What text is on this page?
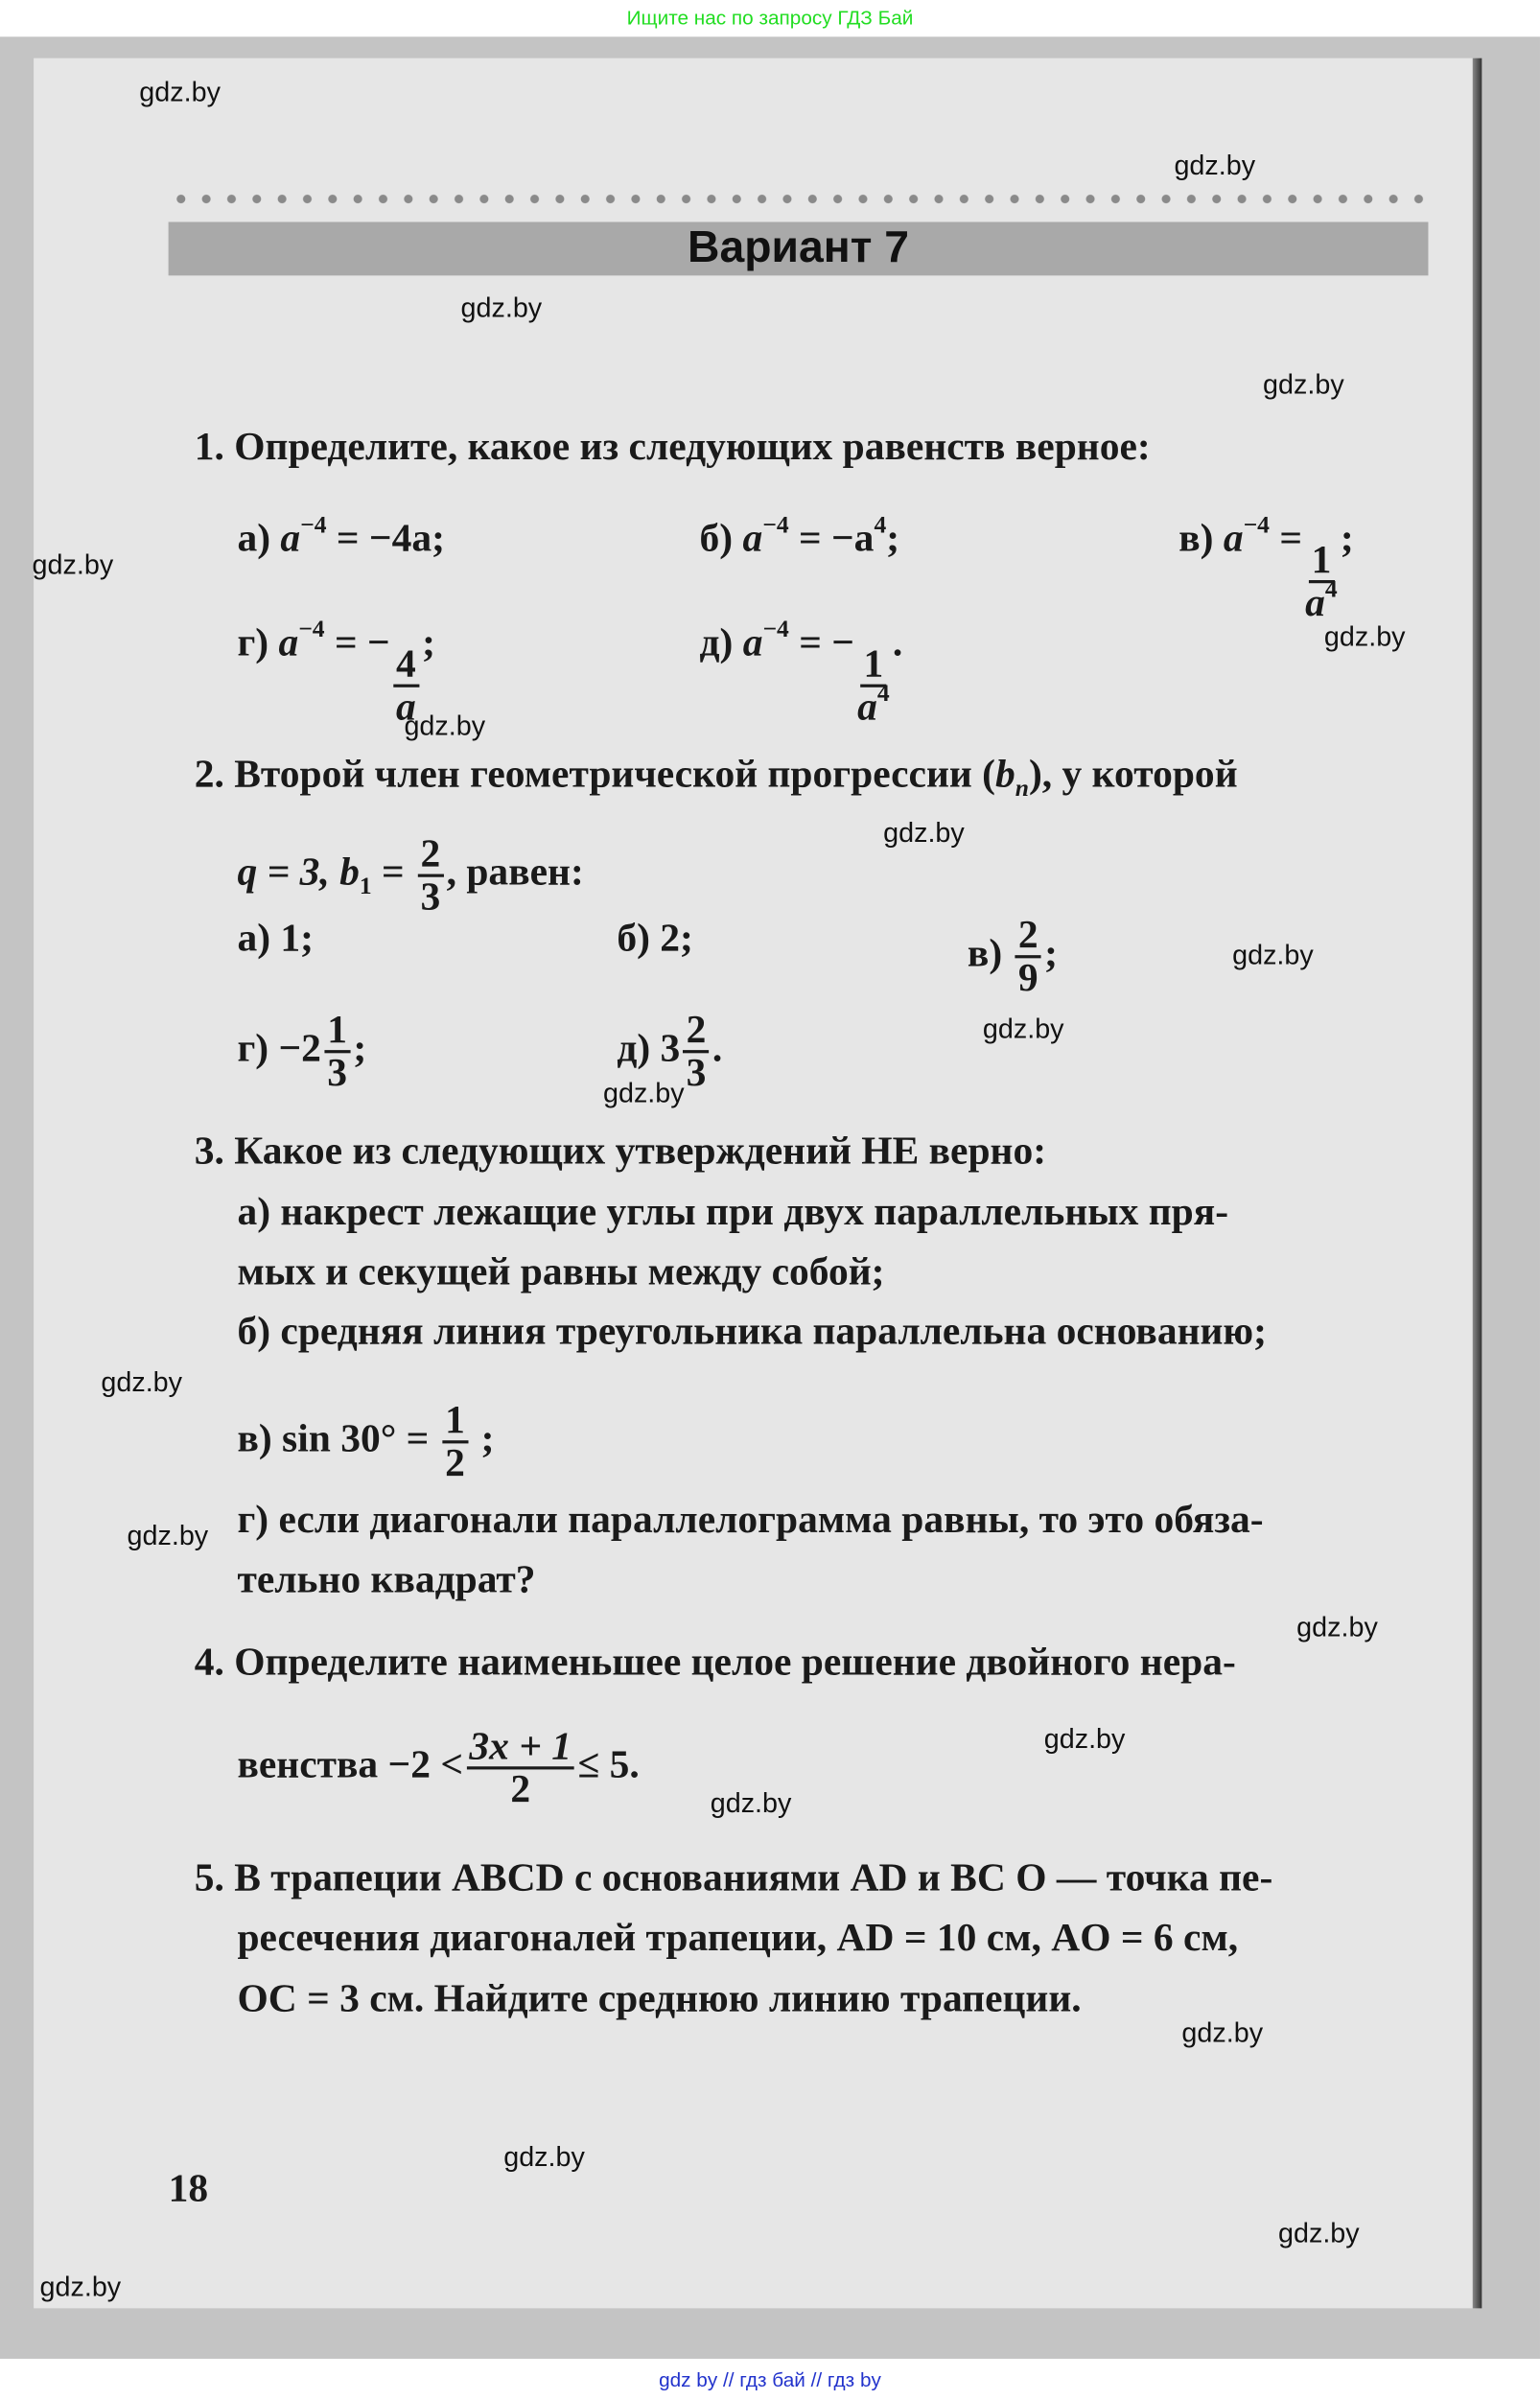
Ищите нас по запросу ГДЗ Бай
Вариант 7
1. Определите, какое из следующих равенств верное:
а) $a^{-4} = -4a$;	б) $a^{-4} = -a^4$;	в) $a^{-4}$ =
$\frac{1}{a^4}$
;
г) $a^{-4}$ = −
$\frac{4}{a}$
;	д) $a^{-4}$ = −
$\frac{1}{a^4}$
.
2. Второй член геометрической прогрессии $(b_n)$, у которой
q = 3, $b_1 = \frac{2}{3}$ , равен:
а) 1;	б) 2;	$в) \frac{2}{9}$ ;
$г) -2 \frac{1}{3}$ ;	д) $3 \frac{2}{3}$ .
3. Какое из следующих утверждений НЕ верно:
а) накрест лежащие углы при двух параллельных пря-
мых и секущей равны между собой;
б) средняя линия треугольника параллельна основанию;
в) $\sin 30^\circ = \frac{1}{2}$ ;
г) если диагонали параллелограмма равны, то это обяза-
тельно квадрат?
4. Определите наименьшее целое решение двойного нера-
венства $-2 < \frac{3x + 1}{2} \le 5$.
5. В трапеции ABCD с основаниями AD и BC O — точка пе-
ресечения диагоналей трапеции, AD = 10 см, AO = 6 см,
OC = 3 см. Найдите среднюю линию трапеции.
18
gdz.by
gdz.by
gdz.by
gdz.by
gdz.by
gdz.by
gdz.by
gdz.by
gdz.by
gdz.by
gdz.by
gdz.by
gdz.by
gdz.by
gdz.by
gdz.by
gdz.by
gdz.by
gdz.by
gdz.by
gdz by // гдз бай // гдз by
